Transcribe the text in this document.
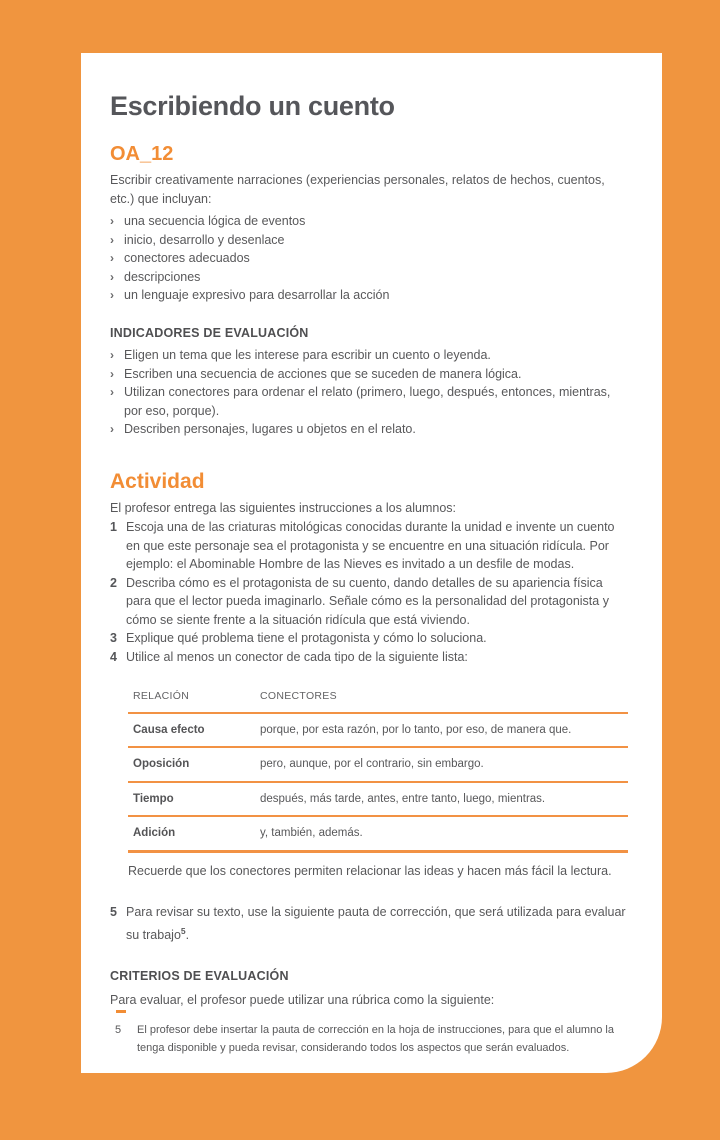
Escribiendo un cuento
OA_12

Escribir creativamente narraciones (experiencias personales, relatos de hechos, cuentos, etc.) que incluyan:

› una secuencia lógica de eventos
› inicio, desarrollo y desenlace
› conectores adecuados
› descripciones
› un lenguaje expresivo para desarrollar la acción
INDICADORES DE EVALUACIÓN
› Eligen un tema que les interese para escribir un cuento o leyenda.
› Escriben una secuencia de acciones que se suceden de manera lógica.
› Utilizan conectores para ordenar el relato (primero, luego, después, entonces, mientras, por eso, porque).
› Describen personajes, lugares u objetos en el relato.
Actividad

El profesor entrega las siguientes instrucciones a los alumnos:

1 Escoja una de las criaturas mitológicas conocidas durante la unidad e invente un cuento en que este personaje sea el protagonista y se encuentre en una situación ridícula. Por ejemplo: el Abominable Hombre de las Nieves es invitado a un desfile de modas.
2 Describa cómo es el protagonista de su cuento, dando detalles de su apariencia física para que el lector pueda imaginarlo. Señale cómo es la personalidad del protagonista y cómo se siente frente a la situación ridícula que está viviendo.
3 Explique qué problema tiene el protagonista y cómo lo soluciona.
4 Utilice al menos un conector de cada tipo de la siguiente lista:
RELACIÓN	CONECTORES
Causa efecto	porque, por esta razón, por lo tanto, por eso, de manera que.
Oposición	pero, aunque, por el contrario, sin embargo.
Tiempo	después, más tarde, antes, entre tanto, luego, mientras.
Adición	y, también, además.

Recuerde que los conectores permiten relacionar las ideas y hacen más fácil la lectura.

5 Para revisar su texto, use la siguiente pauta de corrección, que será utilizada para evaluar su trabajo$^5$.
CRITERIOS DE EVALUACIÓN

Para evaluar, el profesor puede utilizar una rúbrica como la siguiente:

5	El profesor debe insertar la pauta de corrección en la hoja de instrucciones, para que el alumno la tenga disponible y pueda revisar, considerando todos los aspectos que serán evaluados.
